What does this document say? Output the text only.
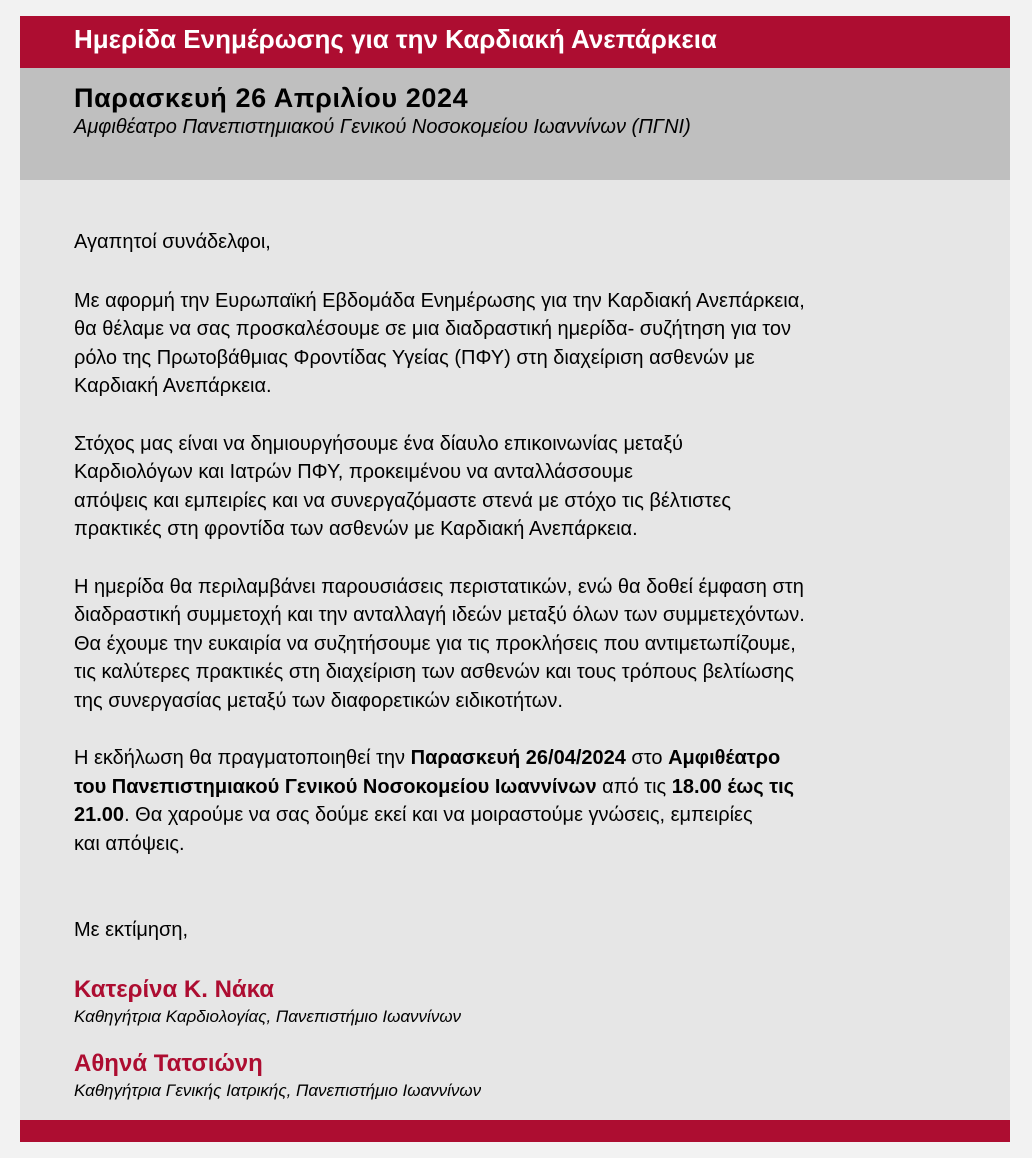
Ημερίδα Ενημέρωσης για την Καρδιακή Ανεπάρκεια
Παρασκευή 26 Απριλίου 2024
Αμφιθέατρο Πανεπιστημιακού Γενικού Νοσοκομείου Ιωαννίνων (ΠΓΝΙ)

Αγαπητοί συνάδελφοι,

Με αφορμή την Ευρωπαϊκή Εβδομάδα Ενημέρωσης για την Καρδιακή Ανεπάρκεια,
θα θέλαμε να σας προσκαλέσουμε σε μια διαδραστική ημερίδα- συζήτηση για τον
ρόλο της Πρωτοβάθμιας Φροντίδας Υγείας (ΠΦΥ) στη διαχείριση ασθενών με
Καρδιακή Ανεπάρκεια.

Στόχος μας είναι να δημιουργήσουμε ένα δίαυλο επικοινωνίας μεταξύ
Καρδιολόγων και Ιατρών ΠΦΥ, προκειμένου να ανταλλάσσουμε
απόψεις και εμπειρίες και να συνεργαζόμαστε στενά με στόχο τις βέλτιστες
πρακτικές στη φροντίδα των ασθενών με Καρδιακή Ανεπάρκεια.

Η ημερίδα θα περιλαμβάνει παρουσιάσεις περιστατικών, ενώ θα δοθεί έμφαση στη
διαδραστική συμμετοχή και την ανταλλαγή ιδεών μεταξύ όλων των συμμετεχόντων.
Θα έχουμε την ευκαιρία να συζητήσουμε για τις προκλήσεις που αντιμετωπίζουμε,
τις καλύτερες πρακτικές στη διαχείριση των ασθενών και τους τρόπους βελτίωσης
της συνεργασίας μεταξύ των διαφορετικών ειδικοτήτων.

Η εκδήλωση θα πραγματοποιηθεί την Παρασκευή 26/04/2024 στο Αμφιθέατρο
του Πανεπιστημιακού Γενικού Νοσοκομείου Ιωαννίνων από τις 18.00 έως τις
21.00. Θα χαρούμε να σας δούμε εκεί και να μοιραστούμε γνώσεις, εμπειρίες
και απόψεις.

Με εκτίμηση,

Κατερίνα Κ. Νάκα
Καθηγήτρια Καρδιολογίας, Πανεπιστήμιο Ιωαννίνων
Αθηνά Τατσιώνη
Καθηγήτρια Γενικής Ιατρικής, Πανεπιστήμιο Ιωαννίνων
